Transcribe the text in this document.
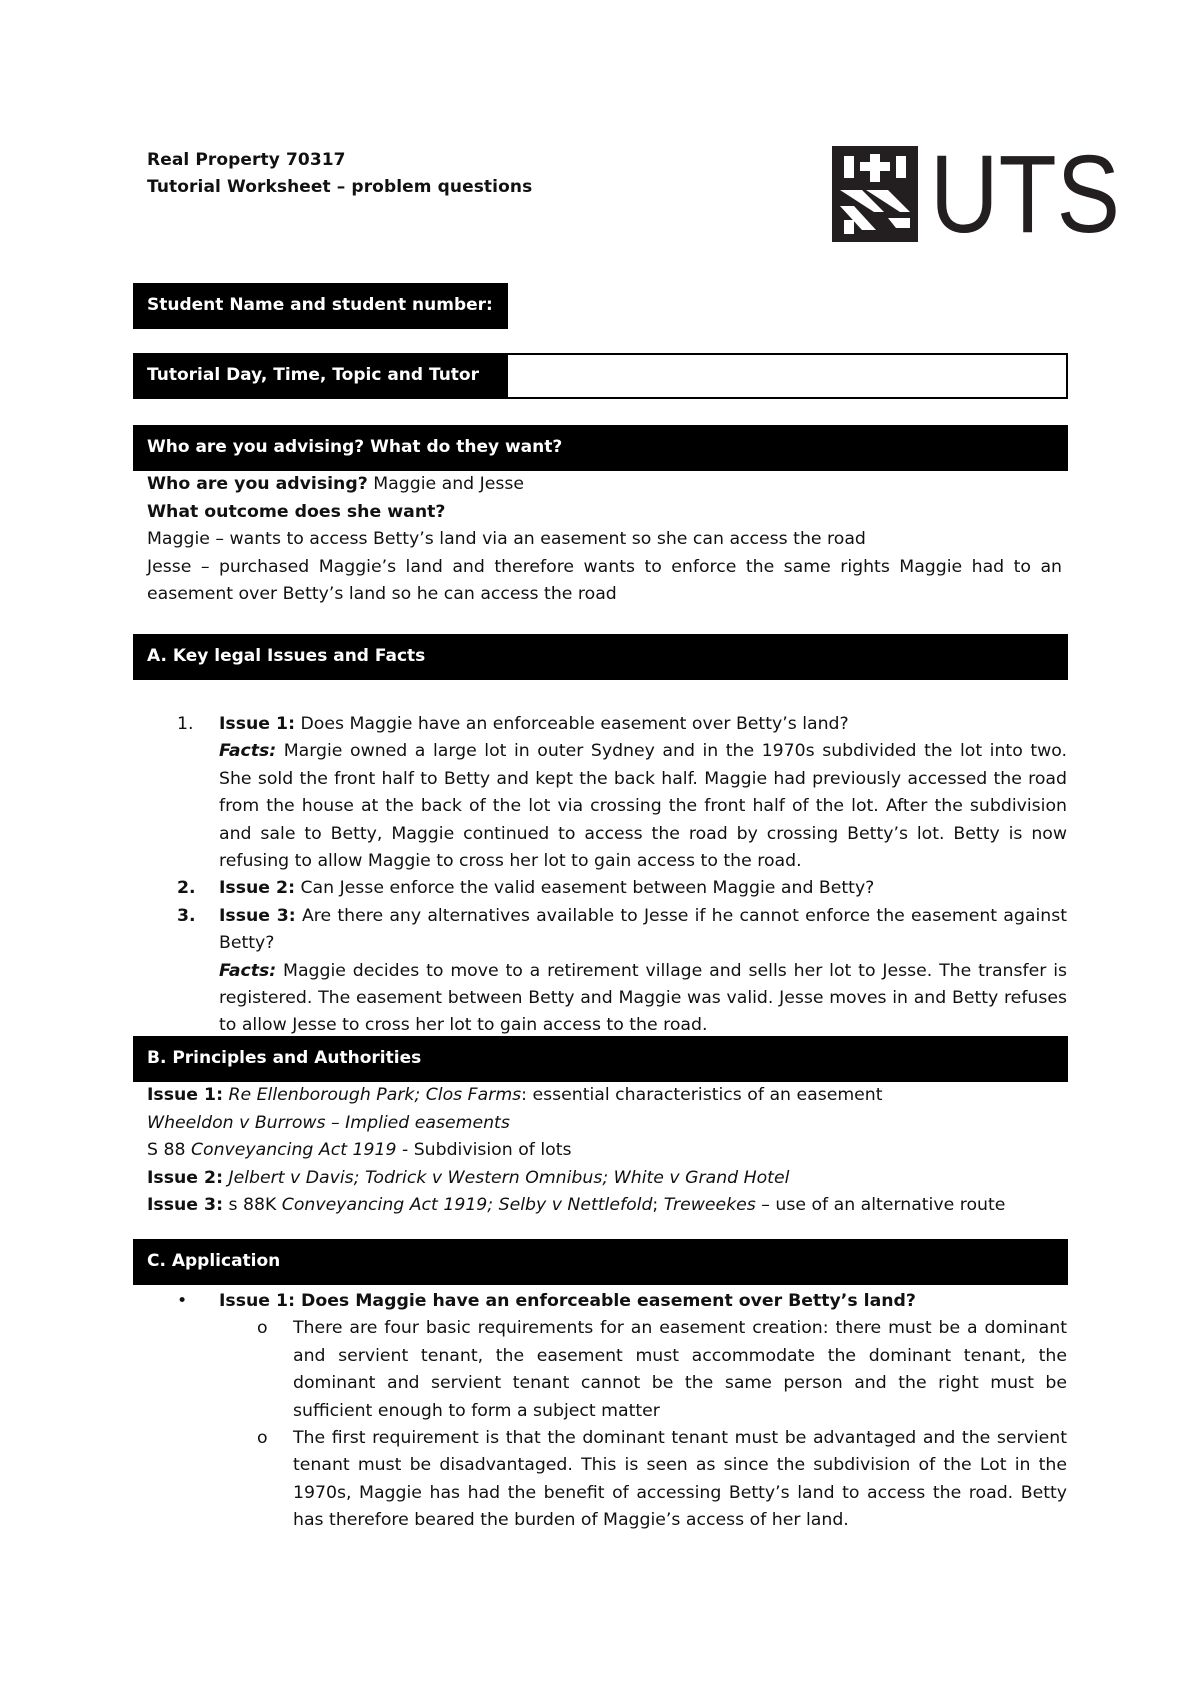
Real Property 70317
Tutorial Worksheet – problem questions	UTS
Student Name and student number:
Tutorial Day, Time, Topic and Tutor
Who are you advising? What do they want?
Who are you advising? Maggie and Jesse
What outcome does she want?
Maggie – wants to access Betty’s land via an easement so she can access the road
Jesse – purchased Maggie’s land and therefore wants to enforce the same rights Maggie had to an easement over Betty’s land so he can access the road
A. Key legal Issues and Facts
1. Issue 1: Does Maggie have an enforceable easement over Betty’s land?
Facts: Margie owned a large lot in outer Sydney and in the 1970s subdivided the lot into two. She sold the front half to Betty and kept the back half. Maggie had previously accessed the road from the house at the back of the lot via crossing the front half of the lot. After the subdivision and sale to Betty, Maggie continued to access the road by crossing Betty’s lot. Betty is now refusing to allow Maggie to cross her lot to gain access to the road.
2. Issue 2: Can Jesse enforce the valid easement between Maggie and Betty?
3. Issue 3: Are there any alternatives available to Jesse if he cannot enforce the easement against Betty?
Facts: Maggie decides to move to a retirement village and sells her lot to Jesse. The transfer is registered. The easement between Betty and Maggie was valid. Jesse moves in and Betty refuses to allow Jesse to cross her lot to gain access to the road.
B. Principles and Authorities
Issue 1: Re Ellenborough Park; Clos Farms: essential characteristics of an easement
Wheeldon v Burrows – Implied easements
S 88 Conveyancing Act 1919 - Subdivision of lots
Issue 2: Jelbert v Davis; Todrick v Western Omnibus; White v Grand Hotel
Issue 3: s 88K Conveyancing Act 1919; Selby v Nettlefold; Treweekes – use of an alternative route
C. Application
• Issue 1: Does Maggie have an enforceable easement over Betty’s land?
o There are four basic requirements for an easement creation: there must be a dominant and servient tenant, the easement must accommodate the dominant tenant, the dominant and servient tenant cannot be the same person and the right must be sufficient enough to form a subject matter
o The first requirement is that the dominant tenant must be advantaged and the servient tenant must be disadvantaged. This is seen as since the subdivision of the Lot in the 1970s, Maggie has had the benefit of accessing Betty’s land to access the road. Betty has therefore beared the burden of Maggie’s access of her land.
